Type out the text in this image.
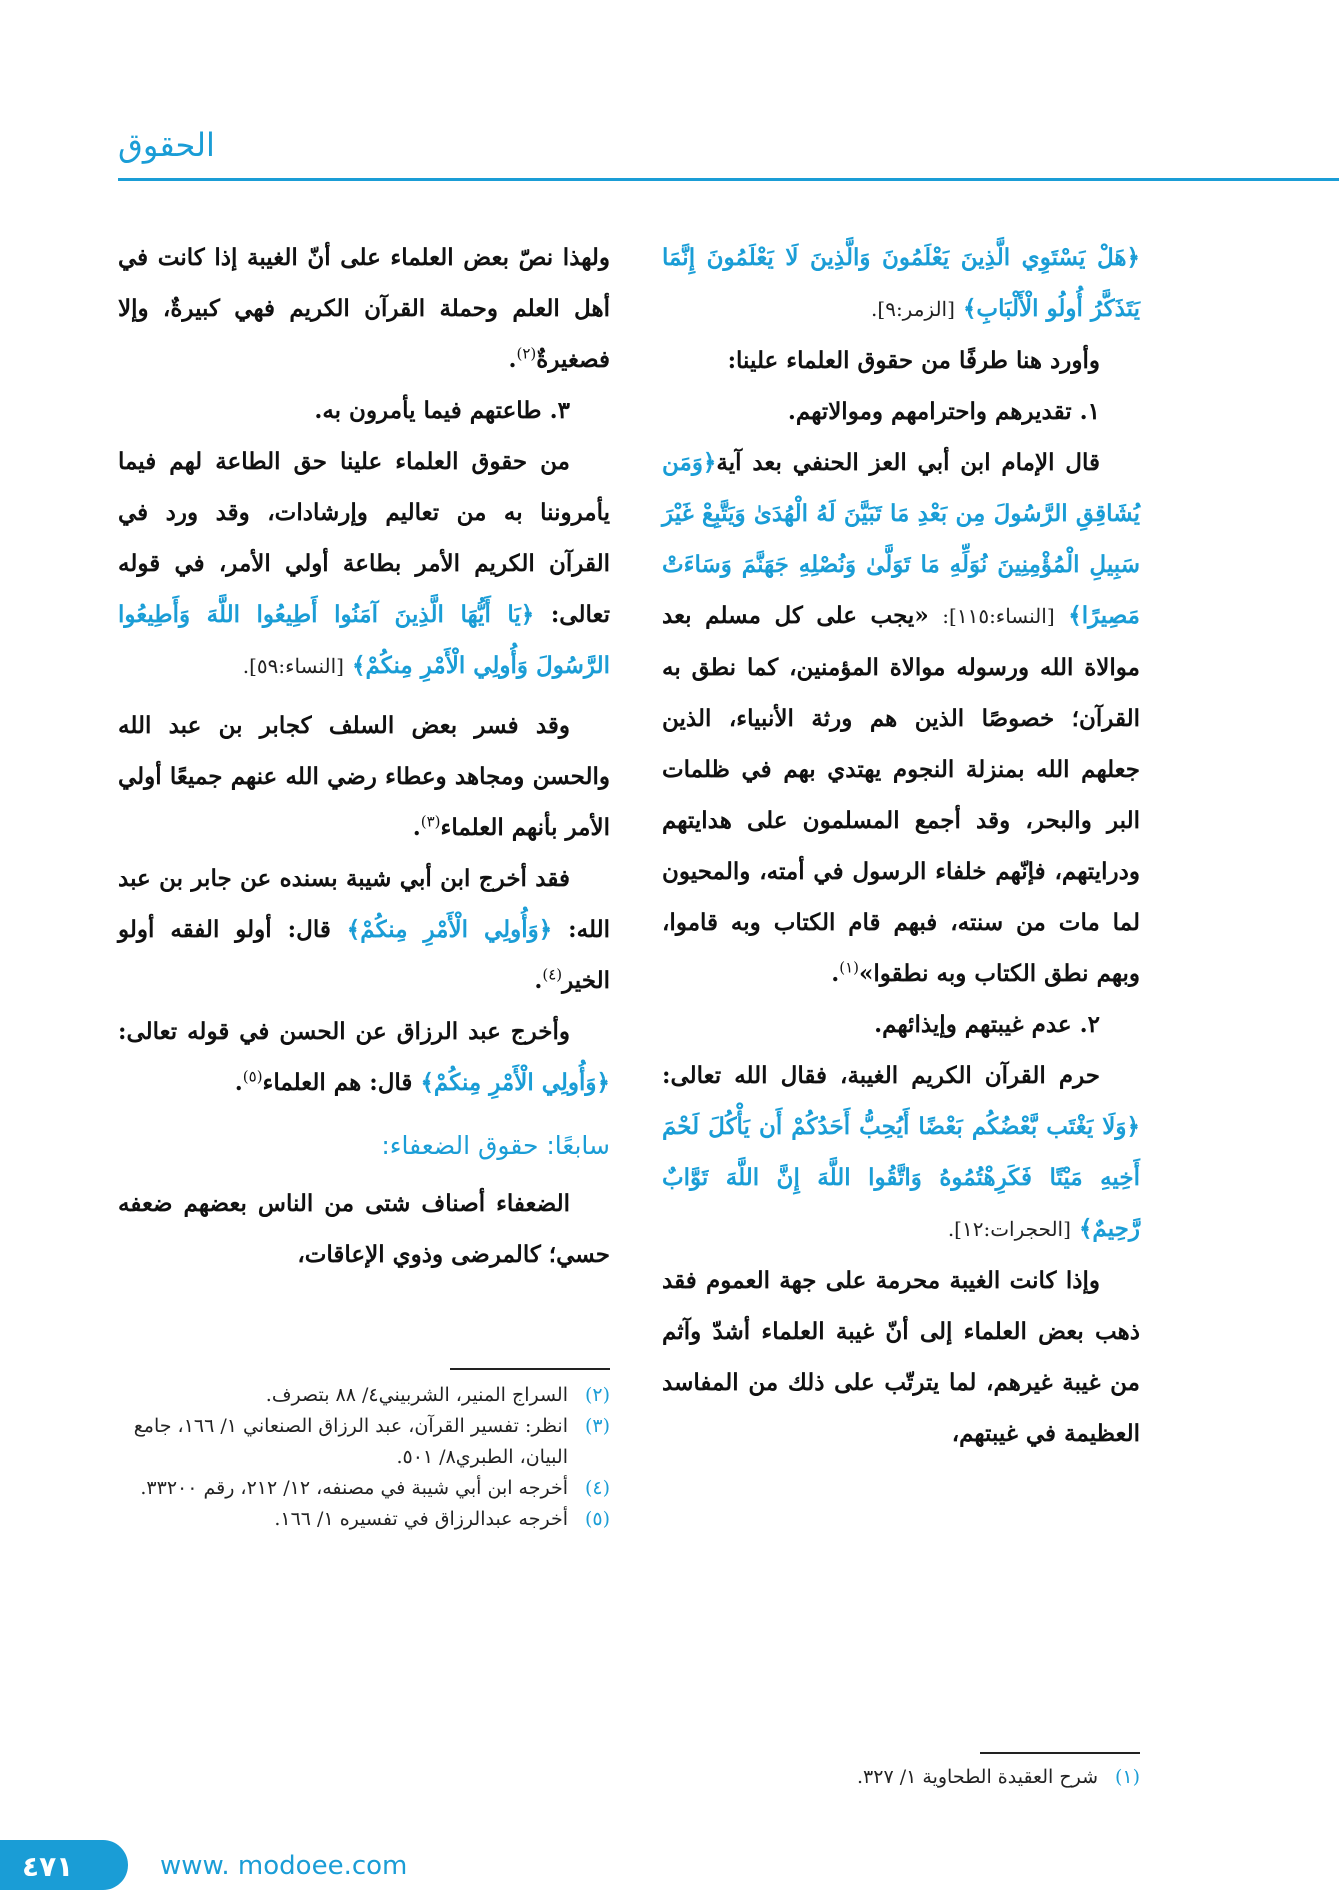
الحقوق

﴿هَلْ يَسْتَوِي الَّذِينَ يَعْلَمُونَ وَالَّذِينَ لَا يَعْلَمُونَ إِنَّمَا يَتَذَكَّرُ أُولُو الْأَلْبَابِ﴾ [الزمر:٩].

وأورد هنا طرفًا من حقوق العلماء علينا:

١. تقديرهم واحترامهم وموالاتهم.

قال الإمام ابن أبي العز الحنفي بعد آية﴿وَمَن يُشَاقِقِ الرَّسُولَ مِن بَعْدِ مَا تَبَيَّنَ لَهُ الْهُدَىٰ وَيَتَّبِعْ غَيْرَ سَبِيلِ الْمُؤْمِنِينَ نُوَلِّهِ مَا تَوَلَّىٰ وَنُصْلِهِ جَهَنَّمَ وَسَاءَتْ مَصِيرًا﴾ [النساء:١١٥]: «يجب على كل مسلم بعد موالاة الله ورسوله موالاة المؤمنين، كما نطق به القرآن؛ خصوصًا الذين هم ورثة الأنبياء، الذين جعلهم الله بمنزلة النجوم يهتدي بهم في ظلمات البر والبحر، وقد أجمع المسلمون على هدايتهم ودرايتهم، فإنّهم خلفاء الرسول في أمته، والمحيون لما مات من سنته، فبهم قام الكتاب وبه قاموا، وبهم نطق الكتاب وبه نطقوا»$^{(١)}$.

٢. عدم غيبتهم وإيذائهم.

حرم القرآن الكريم الغيبة، فقال الله تعالى: ﴿وَلَا يَغْتَب بَّعْضُكُم بَعْضًا أَيُحِبُّ أَحَدُكُمْ أَن يَأْكُلَ لَحْمَ أَخِيهِ مَيْتًا فَكَرِهْتُمُوهُ وَاتَّقُوا اللَّهَ إِنَّ اللَّهَ تَوَّابٌ رَّحِيمٌ﴾ [الحجرات:١٢].

وإذا كانت الغيبة محرمة على جهة العموم فقد ذهب بعض العلماء إلى أنّ غيبة العلماء أشدّ وآثم من غيبة غيرهم، لما يترتّب على ذلك من المفاسد العظيمة في غيبتهم،

ولهذا نصّ بعض العلماء على أنّ الغيبة إذا كانت في أهل العلم وحملة القرآن الكريم فهي كبيرةٌ، وإلا فصغيرةٌ$^{(٢)}$.

٣. طاعتهم فيما يأمرون به.

من حقوق العلماء علينا حق الطاعة لهم فيما يأمروننا به من تعاليم وإرشادات، وقد ورد في القرآن الكريم الأمر بطاعة أولي الأمر، في قوله تعالى: ﴿يَا أَيُّهَا الَّذِينَ آمَنُوا أَطِيعُوا اللَّهَ وَأَطِيعُوا الرَّسُولَ وَأُولِي الْأَمْرِ مِنكُمْ﴾ [النساء:٥٩].

وقد فسر بعض السلف كجابر بن عبد الله والحسن ومجاهد وعطاء رضي الله عنهم جميعًا أولي الأمر بأنهم العلماء$^{(٣)}$.

فقد أخرج ابن أبي شيبة بسنده عن جابر بن عبد الله: ﴿وَأُولِي الْأَمْرِ مِنكُمْ﴾ قال: أولو الفقه أولو الخير$^{(٤)}$.

وأخرج عبد الرزاق عن الحسن في قوله تعالى: ﴿وَأُولِي الْأَمْرِ مِنكُمْ﴾ قال: هم العلماء$^{(٥)}$.

سابعًا: حقوق الضعفاء:

الضعفاء أصناف شتى من الناس بعضهم ضعفه حسي؛ كالمرضى وذوي الإعاقات،

(٢)
السراج المنير، الشربيني٤/ ٨٨ بتصرف.
(٣)
انظر: تفسير القرآن، عبد الرزاق الصنعاني ١/ ١٦٦، جامع البيان، الطبري٨/ ٥٠١.
(٤)
أخرجه ابن أبي شيبة في مصنفه، ١٢/ ٢١٢، رقم ٣٣٢٠٠.
(٥)
أخرجه عبدالرزاق في تفسيره ١/ ١٦٦.
(١)
شرح العقيدة الطحاوية ١/ ٣٢٧.
٤٧١	www. modoee.com
